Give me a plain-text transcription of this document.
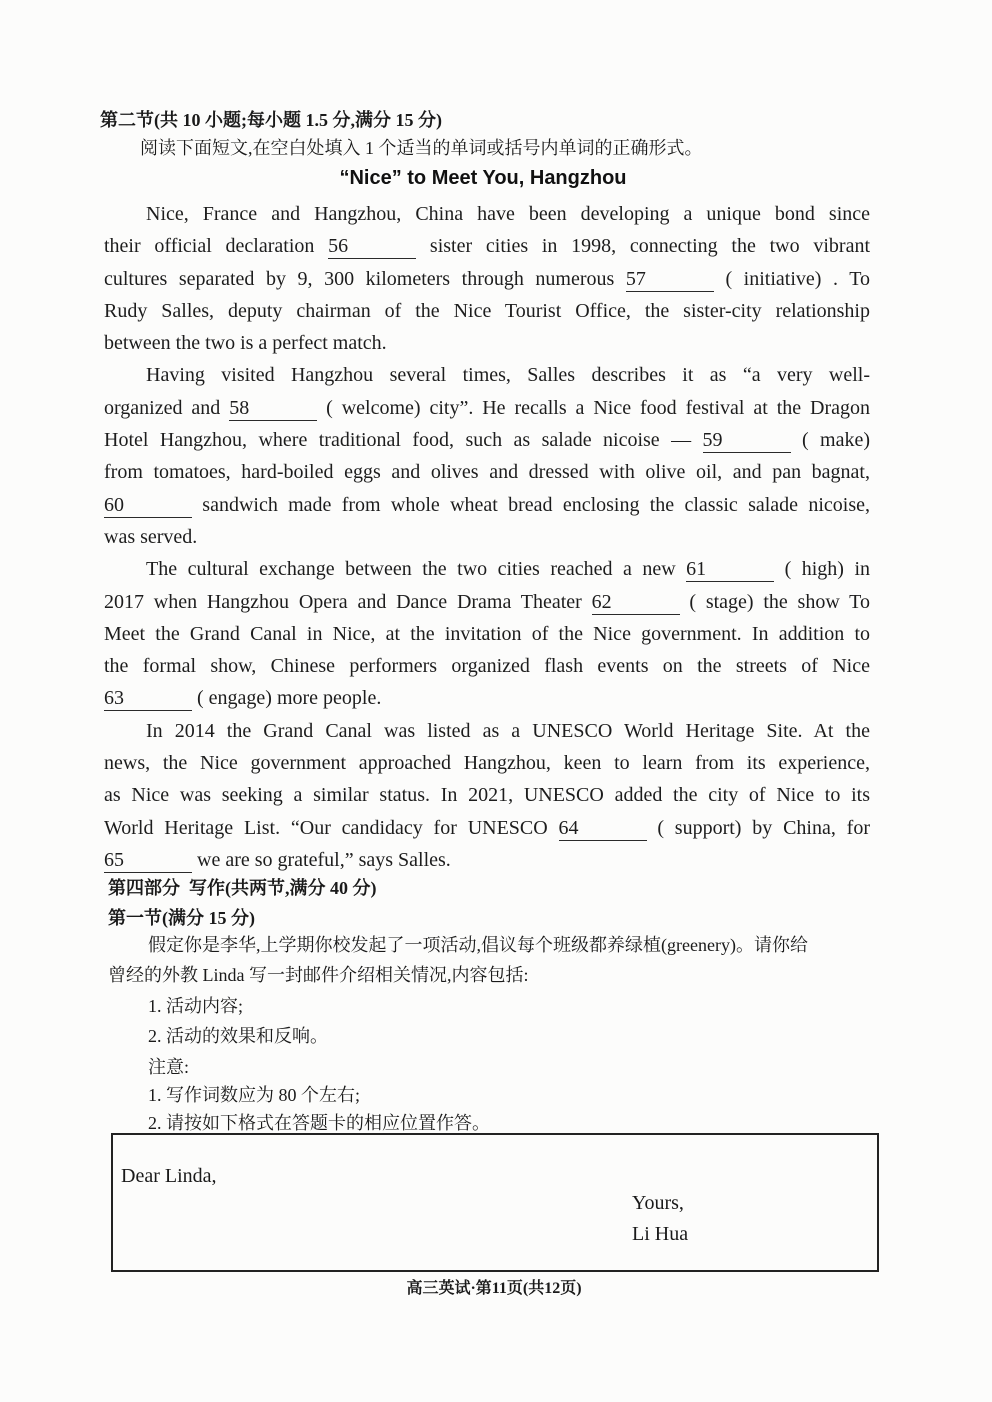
第二节(共 10 小题;每小题 1.5 分,满分 15 分)
阅读下面短文,在空白处填入 1 个适当的单词或括号内单词的正确形式。
“Nice” to Meet You, Hangzhou
Nice, France and Hangzhou, China have been developing a unique bond since
their official declaration 56	sister cities in 1998, connecting the two vibrant
cultures separated by 9, 300 kilometers through numerous 57	( initiative) . To
Rudy Salles, deputy chairman of the Nice Tourist Office, the sister-city relationship
between the two is a perfect match.
Having visited Hangzhou several times, Salles describes it as “a very well-
organized and 58	( welcome) city”. He recalls a Nice food festival at the Dragon
Hotel Hangzhou, where traditional food, such as salade nicoise — 59	( make)
from tomatoes, hard-boiled eggs and olives and dressed with olive oil, and pan bagnat,
60	sandwich made from whole wheat bread enclosing the classic salade nicoise,
was served.
The cultural exchange between the two cities reached a new 61	( high) in
2017 when Hangzhou Opera and Dance Drama Theater 62	( stage) the show To
Meet the Grand Canal in Nice, at the invitation of the Nice government. In addition to
the formal show, Chinese performers organized flash events on the streets of Nice
63	( engage) more people.
In 2014 the Grand Canal was listed as a UNESCO World Heritage Site. At the
news, the Nice government approached Hangzhou, keen to learn from its experience,
as Nice was seeking a similar status. In 2021, UNESCO added the city of Nice to its
World Heritage List. “Our candidacy for UNESCO 64	( support) by China, for
65	we are so grateful,” says Salles.
第四部分  写作(共两节,满分 40 分)
第一节(满分 15 分)
假定你是李华,上学期你校发起了一项活动,倡议每个班级都养绿植(greenery)。请你给
曾经的外教 Linda 写一封邮件介绍相关情况,内容包括:
1. 活动内容;
2. 活动的效果和反响。
注意:
1. 写作词数应为 80 个左右;
2. 请按如下格式在答题卡的相应位置作答。
Dear Linda,
Yours,
Li Hua
高三英试·第11页(共12页)
